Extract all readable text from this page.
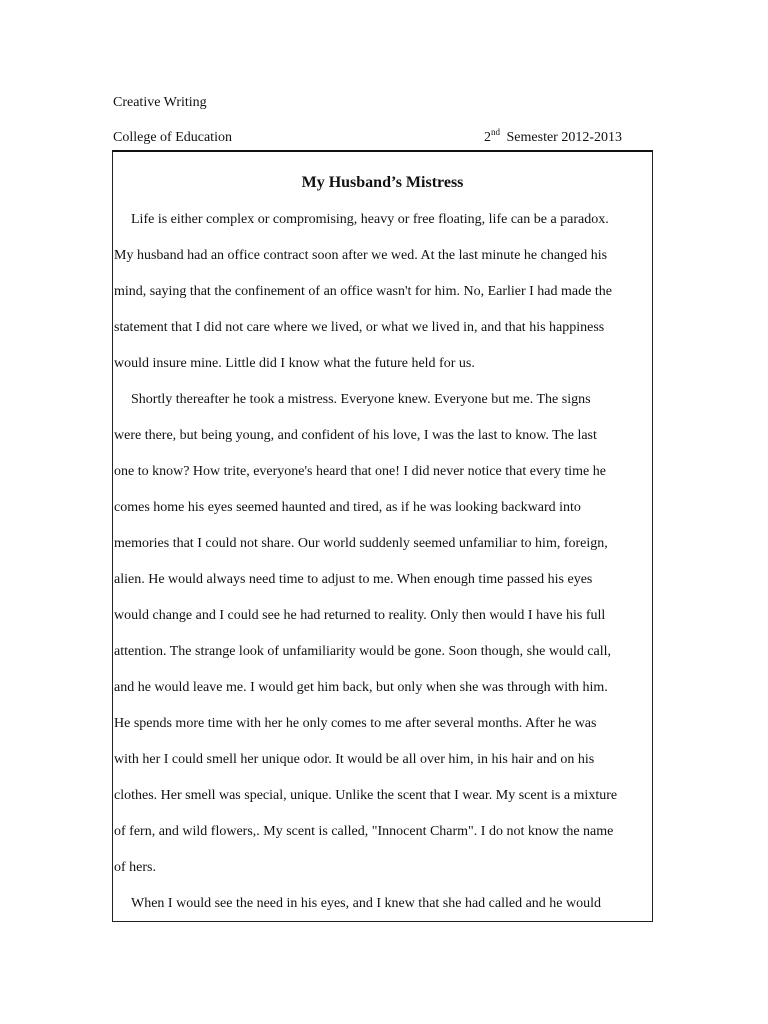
Creative Writing
College of Education	2nd Semester 2012-2013
My Husband’s Mistress
Life is either complex or compromising, heavy or free floating, life can be a paradox.
My husband had an office contract soon after we wed. At the last minute he changed his
mind, saying that the confinement of an office wasn't for him. No, Earlier I had made the
statement that I did not care where we lived, or what we lived in, and that his happiness
would insure mine. Little did I know what the future held for us.
Shortly thereafter he took a mistress. Everyone knew. Everyone but me. The signs
were there, but being young, and confident of his love, I was the last to know. The last
one to know? How trite, everyone's heard that one! I did never notice that every time he
comes home his eyes seemed haunted and tired, as if he was looking backward into
memories that I could not share. Our world suddenly seemed unfamiliar to him, foreign,
alien. He would always need time to adjust to me. When enough time passed his eyes
would change and I could see he had returned to reality. Only then would I have his full
attention. The strange look of unfamiliarity would be gone. Soon though, she would call,
and he would leave me. I would get him back, but only when she was through with him.
He spends more time with her he only comes to me after several months. After he was
with her I could smell her unique odor. It would be all over him, in his hair and on his
clothes. Her smell was special, unique. Unlike the scent that I wear. My scent is a mixture
of fern, and wild flowers,. My scent is called, "Innocent Charm". I do not know the name
of hers.
When I would see the need in his eyes, and I knew that she had called and he would
